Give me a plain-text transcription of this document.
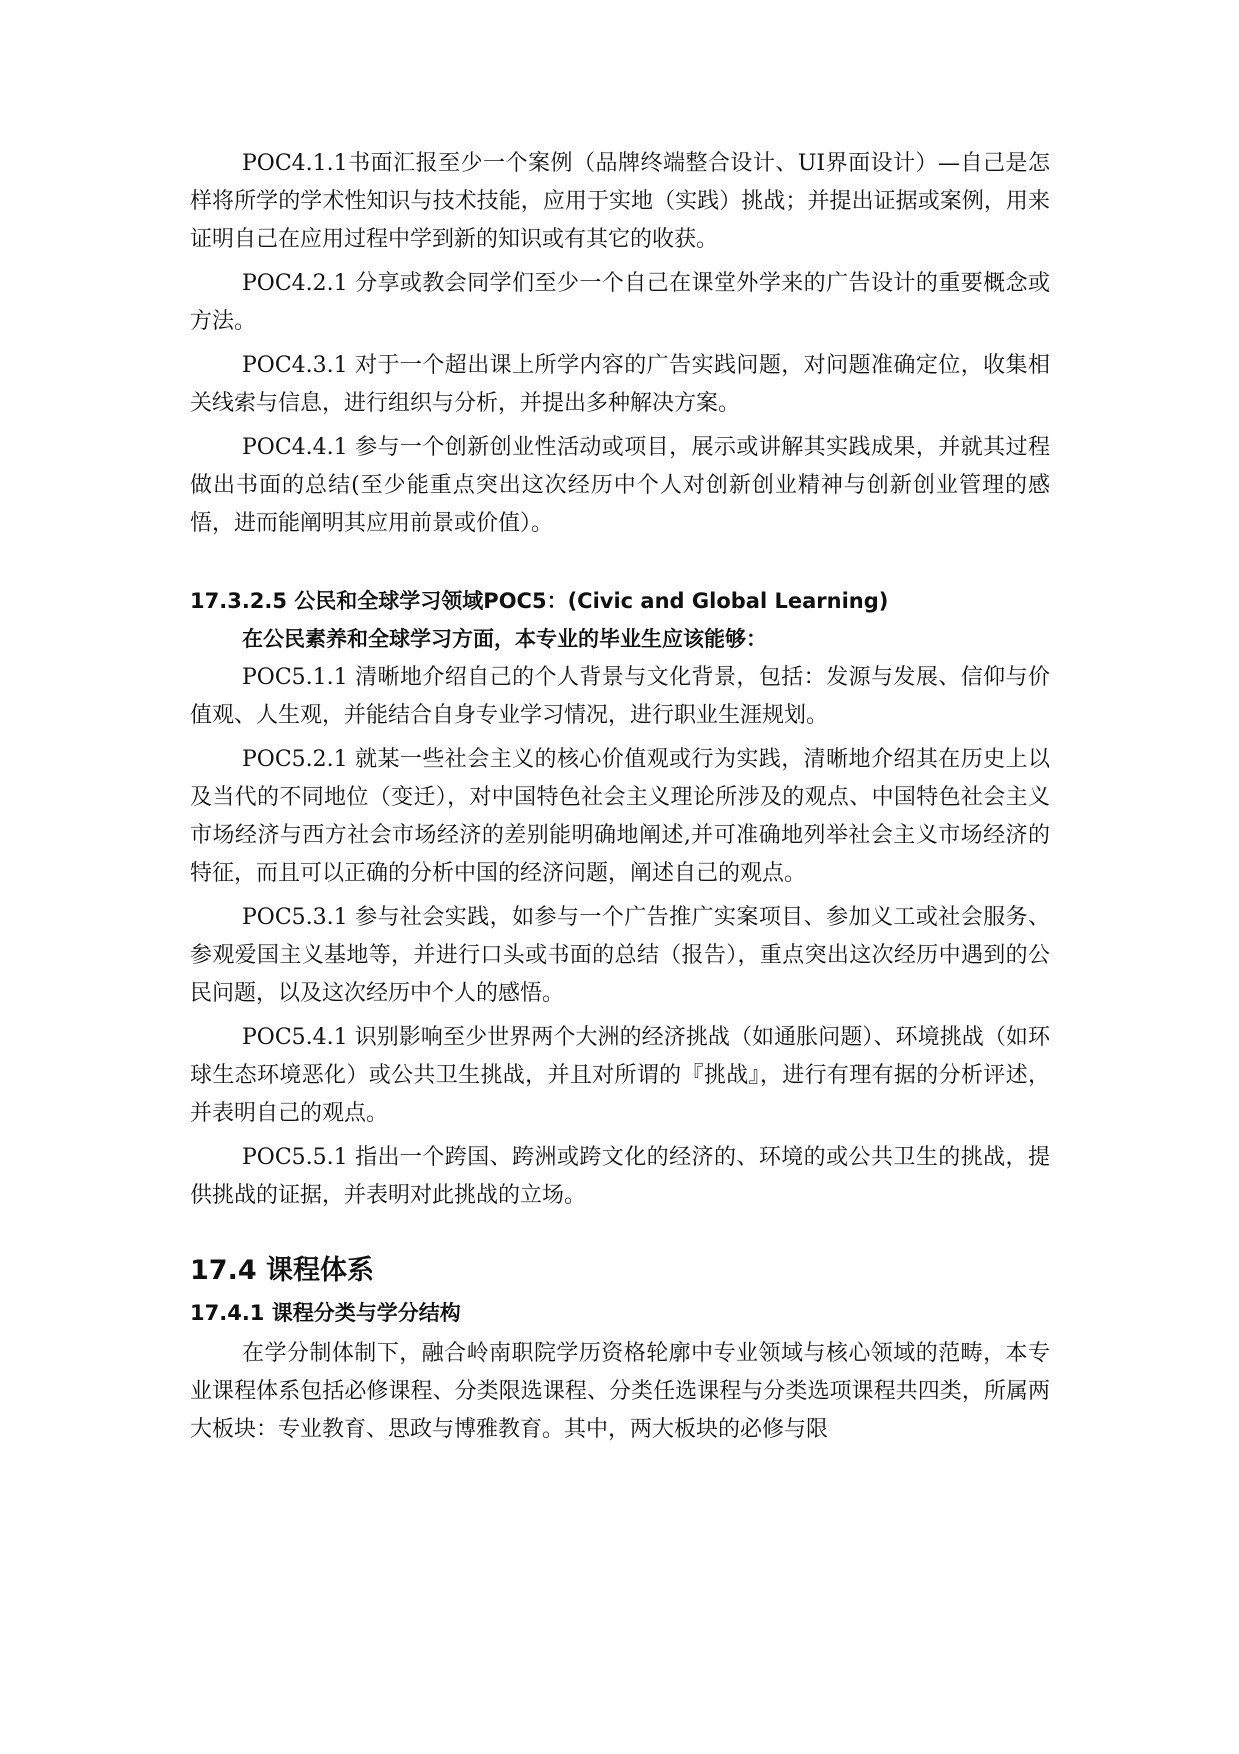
POC4.1.1书面汇报至少一个案例（品牌终端整合设计、UI界面设计）—自己是怎样将所学的学术性知识与技术技能，应用于实地（实践）挑战；并提出证据或案例，用来证明自己在应用过程中学到新的知识或有其它的收获。

POC4.2.1 分享或教会同学们至少一个自己在课堂外学来的广告设计的重要概念或方法。

POC4.3.1 对于一个超出课上所学内容的广告实践问题，对问题准确定位，收集相关线索与信息，进行组织与分析，并提出多种解决方案。

POC4.4.1 参与一个创新创业性活动或项目，展示或讲解其实践成果，并就其过程做出书面的总结(至少能重点突出这次经历中个人对创新创业精神与创新创业管理的感悟，进而能阐明其应用前景或价值）。

17.3.2.5 公民和全球学习领域POC5：(Civic and Global Learning)
在公民素养和全球学习方面，本专业的毕业生应该能够：

POC5.1.1 清晰地介绍自己的个人背景与文化背景，包括：发源与发展、信仰与价值观、人生观，并能结合自身专业学习情况，进行职业生涯规划。

POC5.2.1 就某一些社会主义的核心价值观或行为实践，清晰地介绍其在历史上以及当代的不同地位（变迁），对中国特色社会主义理论所涉及的观点、中国特色社会主义市场经济与西方社会市场经济的差别能明确地阐述,并可准确地列举社会主义市场经济的特征，而且可以正确的分析中国的经济问题，阐述自己的观点。

POC5.3.1 参与社会实践，如参与一个广告推广实案项目、参加义工或社会服务、参观爱国主义基地等，并进行口头或书面的总结（报告），重点突出这次经历中遇到的公民问题，以及这次经历中个人的感悟。

POC5.4.1 识别影响至少世界两个大洲的经济挑战（如通胀问题）、环境挑战（如环球生态环境恶化）或公共卫生挑战，并且对所谓的『挑战』，进行有理有据的分析评述，并表明自己的观点。

POC5.5.1 指出一个跨国、跨洲或跨文化的经济的、环境的或公共卫生的挑战，提供挑战的证据，并表明对此挑战的立场。

17.4 课程体系
17.4.1 课程分类与学分结构

在学分制体制下，融合岭南职院学历资格轮廓中专业领域与核心领域的范畴，本专业课程体系包括必修课程、分类限选课程、分类任选课程与分类选项课程共四类，所属两大板块：专业教育、思政与博雅教育。其中，两大板块的必修与限
